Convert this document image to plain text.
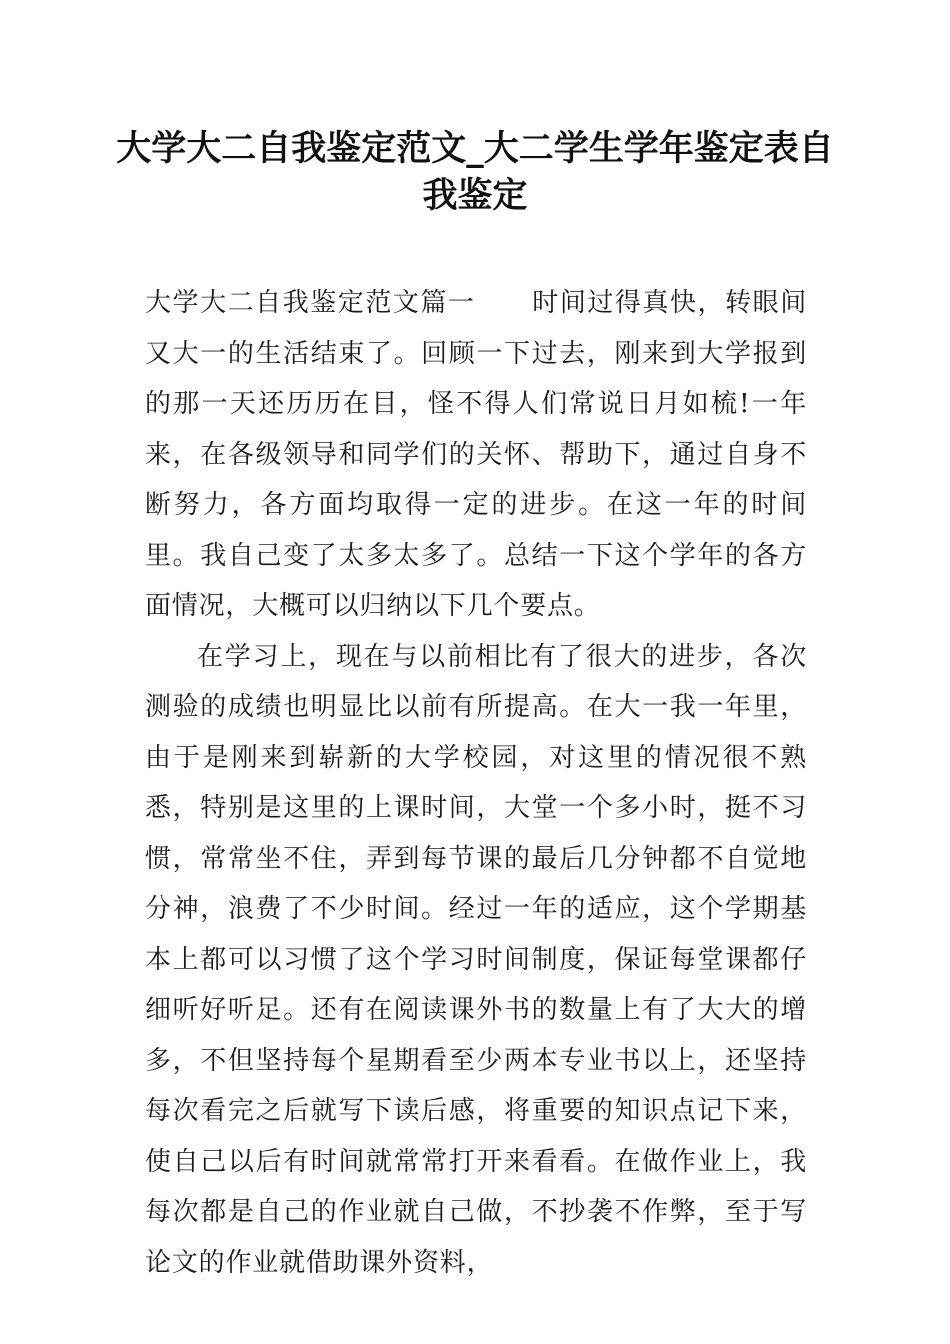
大学大二自我鉴定范文_大二学生学年鉴定表自我鉴定

大学大二自我鉴定范文篇一 时间过得真快，转眼间又大一的生活结束了。回顾一下过去，刚来到大学报到的那一天还历历在目，怪不得人们常说日月如梳!一年来，在各级领导和同学们的关怀、帮助下，通过自身不断努力，各方面均取得一定的进步。在这一年的时间里。我自己变了太多太多了。总结一下这个学年的各方面情况，大概可以归纳以下几个要点。

在学习上，现在与以前相比有了很大的进步，各次测验的成绩也明显比以前有所提高。在大一我一年里，由于是刚来到崭新的大学校园，对这里的情况很不熟悉，特别是这里的上课时间，大堂一个多小时，挺不习惯，常常坐不住，弄到每节课的最后几分钟都不自觉地分神，浪费了不少时间。经过一年的适应，这个学期基本上都可以习惯了这个学习时间制度，保证每堂课都仔细听好听足。还有在阅读课外书的数量上有了大大的增多，不但坚持每个星期看至少两本专业书以上，还坚持每次看完之后就写下读后感，将重要的知识点记下来，使自己以后有时间就常常打开来看看。在做作业上，我每次都是自己的作业就自己做，不抄袭不作弊，至于写论文的作业就借助课外资料，
